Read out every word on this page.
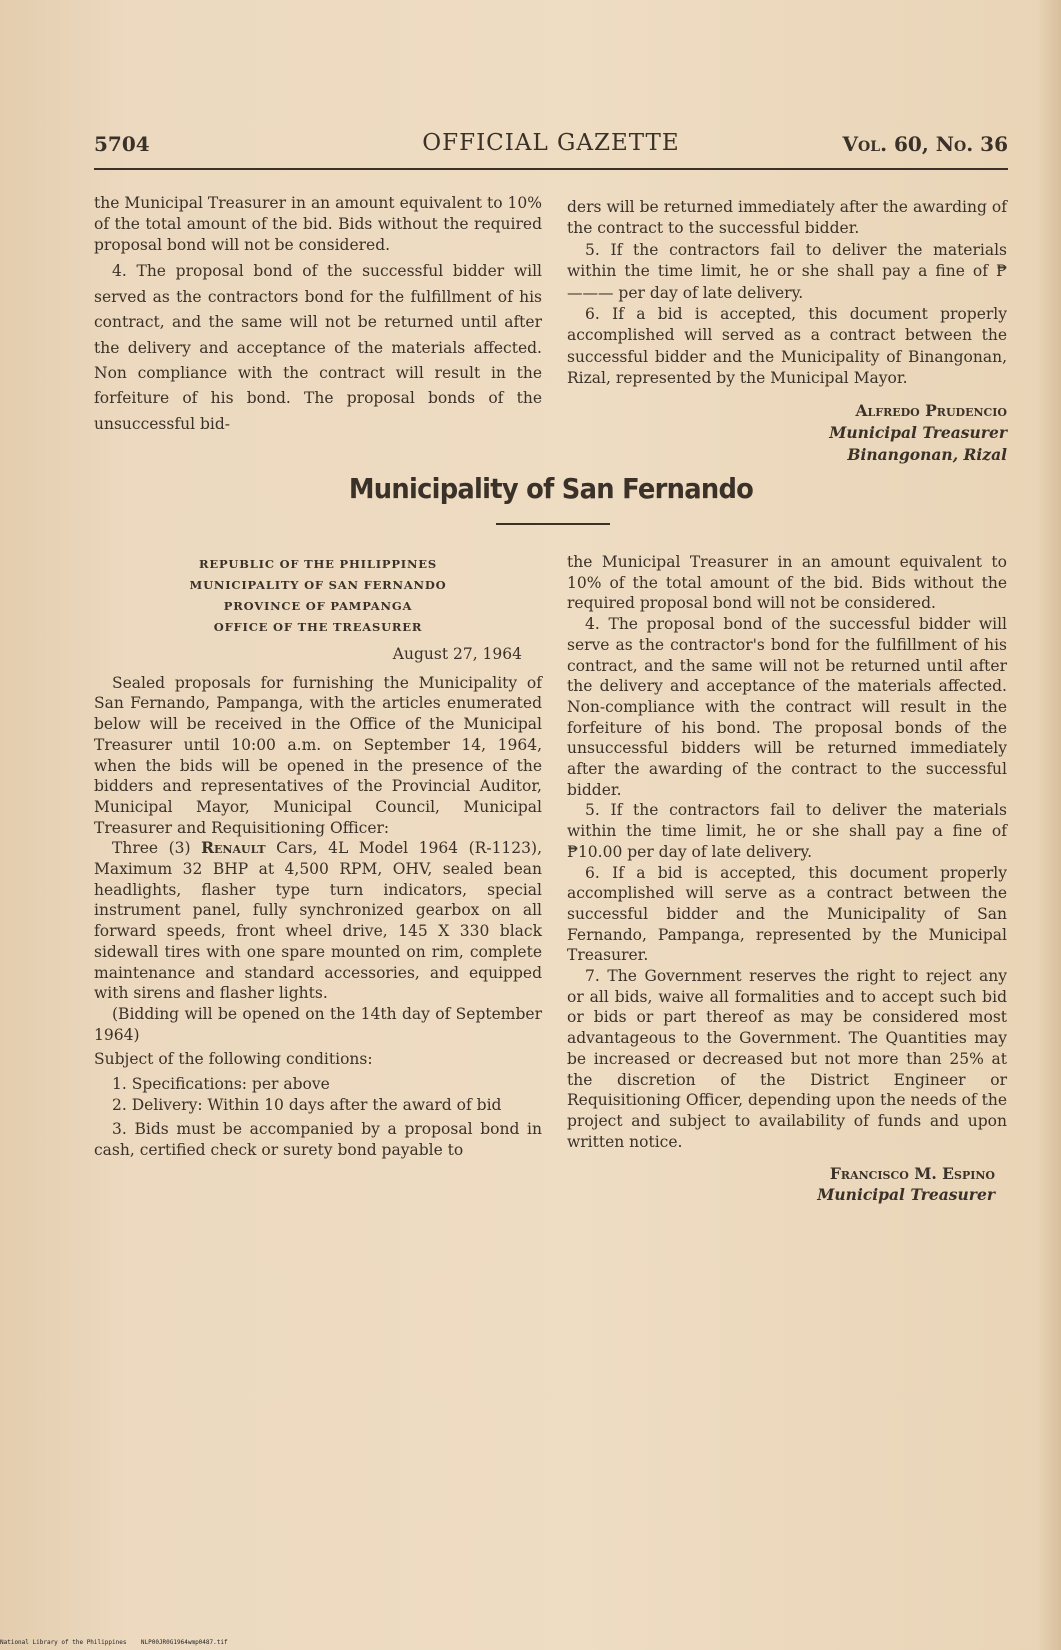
5704	OFFICIAL GAZETTE	Vol. 60, No. 36

the Municipal Treasurer in an amount equivalent to 10% of the total amount of the bid. Bids without the required proposal bond will not be considered.

4. The proposal bond of the successful bidder will served as the contractors bond for the fulfillment of his contract, and the same will not be returned until after the delivery and acceptance of the materials affected. Non compliance with the contract will result in the forfeiture of his bond. The proposal bonds of the unsuccessful bid-

ders will be returned immediately after the awarding of the contract to the successful bidder.

5. If the contractors fail to deliver the materials within the time limit, he or she shall pay a fine of ₱——— per day of late delivery.

6. If a bid is accepted, this document properly accomplished will served as a contract between the successful bidder and the Municipality of Binangonan, Rizal, represented by the Municipal Mayor.

Alfredo Prudencio
Municipal Treasurer
Binangonan, Rizal

Municipality of San Fernando
REPUBLIC OF THE PHILIPPINES
MUNICIPALITY OF SAN FERNANDO
PROVINCE OF PAMPANGA
OFFICE OF THE TREASURER

August 27, 1964

Sealed proposals for furnishing the Municipality of San Fernando, Pampanga, with the articles enumerated below will be received in the Office of the Municipal Treasurer until 10:00 a.m. on September 14, 1964, when the bids will be opened in the presence of the bidders and representatives of the Provincial Auditor, Municipal Mayor, Municipal Council, Municipal Treasurer and Requisitioning Officer:

Three (3) Renault Cars, 4L Model 1964 (R-1123), Maximum 32 BHP at 4,500 RPM, OHV, sealed bean headlights, flasher type turn indicators, special instrument panel, fully synchronized gearbox on all forward speeds, front wheel drive, 145 X 330 black sidewall tires with one spare mounted on rim, complete maintenance and standard accessories, and equipped with sirens and flasher lights.

(Bidding will be opened on the 14th day of September 1964)

Subject of the following conditions:

1. Specifications: per above

2. Delivery: Within 10 days after the award of bid

3. Bids must be accompanied by a proposal bond in cash, certified check or surety bond payable to

the Municipal Treasurer in an amount equivalent to 10% of the total amount of the bid. Bids without the required proposal bond will not be considered.

4. The proposal bond of the successful bidder will serve as the contractor's bond for the fulfillment of his contract, and the same will not be returned until after the delivery and acceptance of the materials affected. Non-compliance with the contract will result in the forfeiture of his bond. The proposal bonds of the unsuccessful bidders will be returned immediately after the awarding of the contract to the successful bidder.

5. If the contractors fail to deliver the materials within the time limit, he or she shall pay a fine of ₱10.00 per day of late delivery.

6. If a bid is accepted, this document properly accomplished will serve as a contract between the successful bidder and the Municipality of San Fernando, Pampanga, represented by the Municipal Treasurer.

7. The Government reserves the right to reject any or all bids, waive all formalities and to accept such bid or bids or part thereof as may be considered most advantageous to the Government. The Quantities may be increased or decreased but not more than 25% at the discretion of the District Engineer or Requisitioning Officer, depending upon the needs of the project and subject to availability of funds and upon written notice.

Francisco M. Espino
Municipal Treasurer

National Library of the Philippines    NLP00JR0G1964wmp0487.tif
